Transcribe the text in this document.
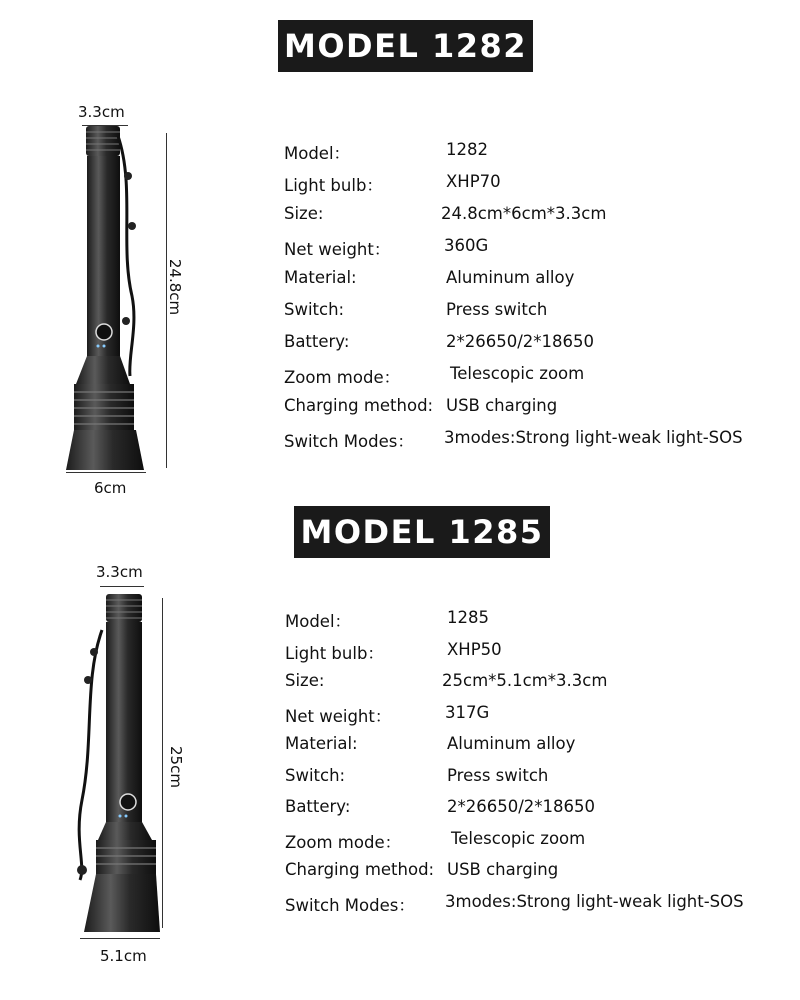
MODEL 1282
3.3cm
24.8cm
6cm
Model：	1282
Light bulb：	XHP70
Size:	24.8cm*6cm*3.3cm
Net weight：	360G
Material:	Aluminum alloy
Switch:	Press switch
Battery:	2*26650/2*18650
Zoom mode：	Telescopic zoom
Charging method: USB charging
Switch Modes： 3modes:Strong light-weak light-SOS
MODEL 1285
3.3cm
25cm
5.1cm
Model：	1285
Light bulb：	XHP50
Size:	25cm*5.1cm*3.3cm
Net weight：	317G
Material:	Aluminum alloy
Switch:	Press switch
Battery:	2*26650/2*18650
Zoom mode：	Telescopic zoom
Charging method: USB charging
Switch Modes： 3modes:Strong light-weak light-SOS
